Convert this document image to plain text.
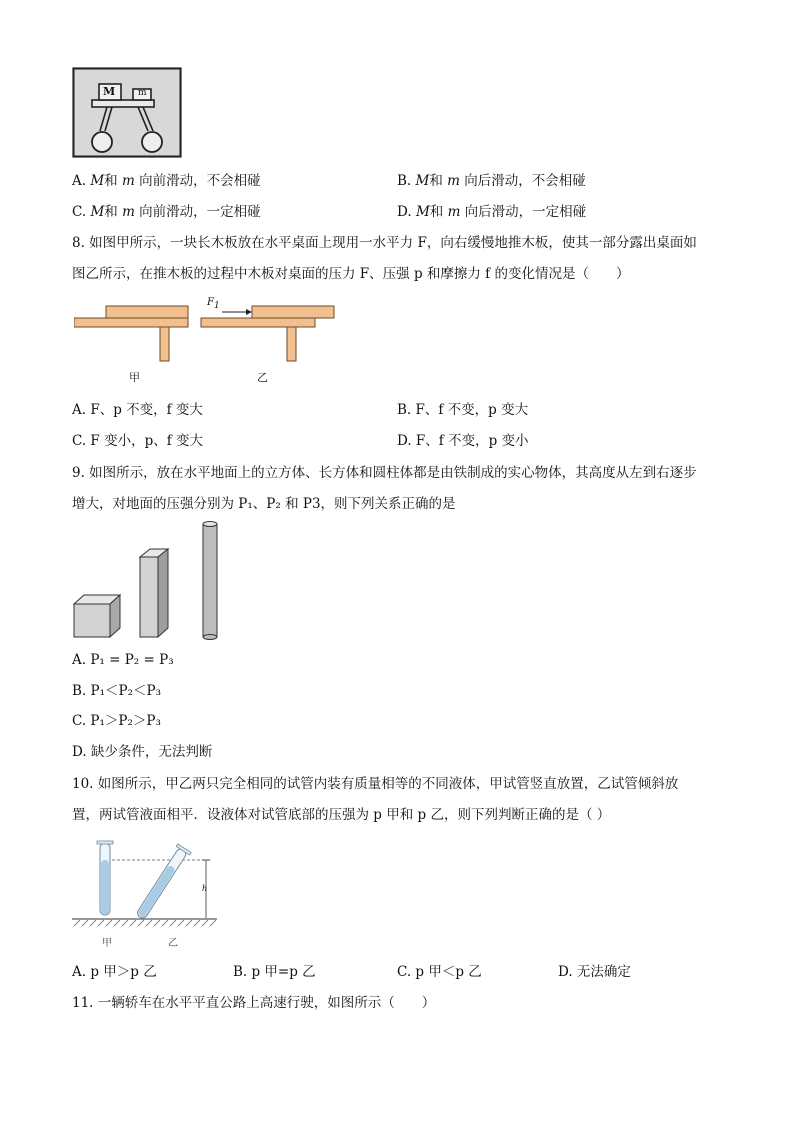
M	m
A. M和 m 向前滑动，不会相碰	B. M和 m 向后滑动，不会相碰
C. M和 m 向前滑动，一定相碰	D. M和 m 向后滑动，一定相碰
8. 如图甲所示，一块长木板放在水平桌面上现用一水平力 F，向右缓慢地推木板，使其一部分露出桌面如
图乙所示，在推木板的过程中木板对桌面的压力 F、压强 p 和摩擦力 f 的变化情况是（　　）
$F_1$
甲	乙
A. F、p 不变，f 变大	B. F、f 不变，p 变大
C. F 变小，p、f 变大	D. F、f 不变，p 变小
9. 如图所示，放在水平地面上的立方体、长方体和圆柱体都是由铁制成的实心物体，其高度从左到右逐步
增大，对地面的压强分别为 P₁、P₂ 和 P3，则下列关系正确的是
A. P₁ = P₂ = P₃
B. P₁＜P₂＜P₃
C. P₁＞P₂＞P₃
D. 缺少条件，无法判断
10. 如图所示，甲乙两只完全相同的试管内装有质量相等的不同液体，甲试管竖直放置，乙试管倾斜放
置，两试管液面相平．设液体对试管底部的压强为 p 甲和 p 乙，则下列判断正确的是（ ）
h
甲	乙
A. p 甲＞p 乙	B. p 甲=p 乙	C. p 甲＜p 乙	D. 无法确定
11. 一辆轿车在水平平直公路上高速行驶，如图所示（　　）
